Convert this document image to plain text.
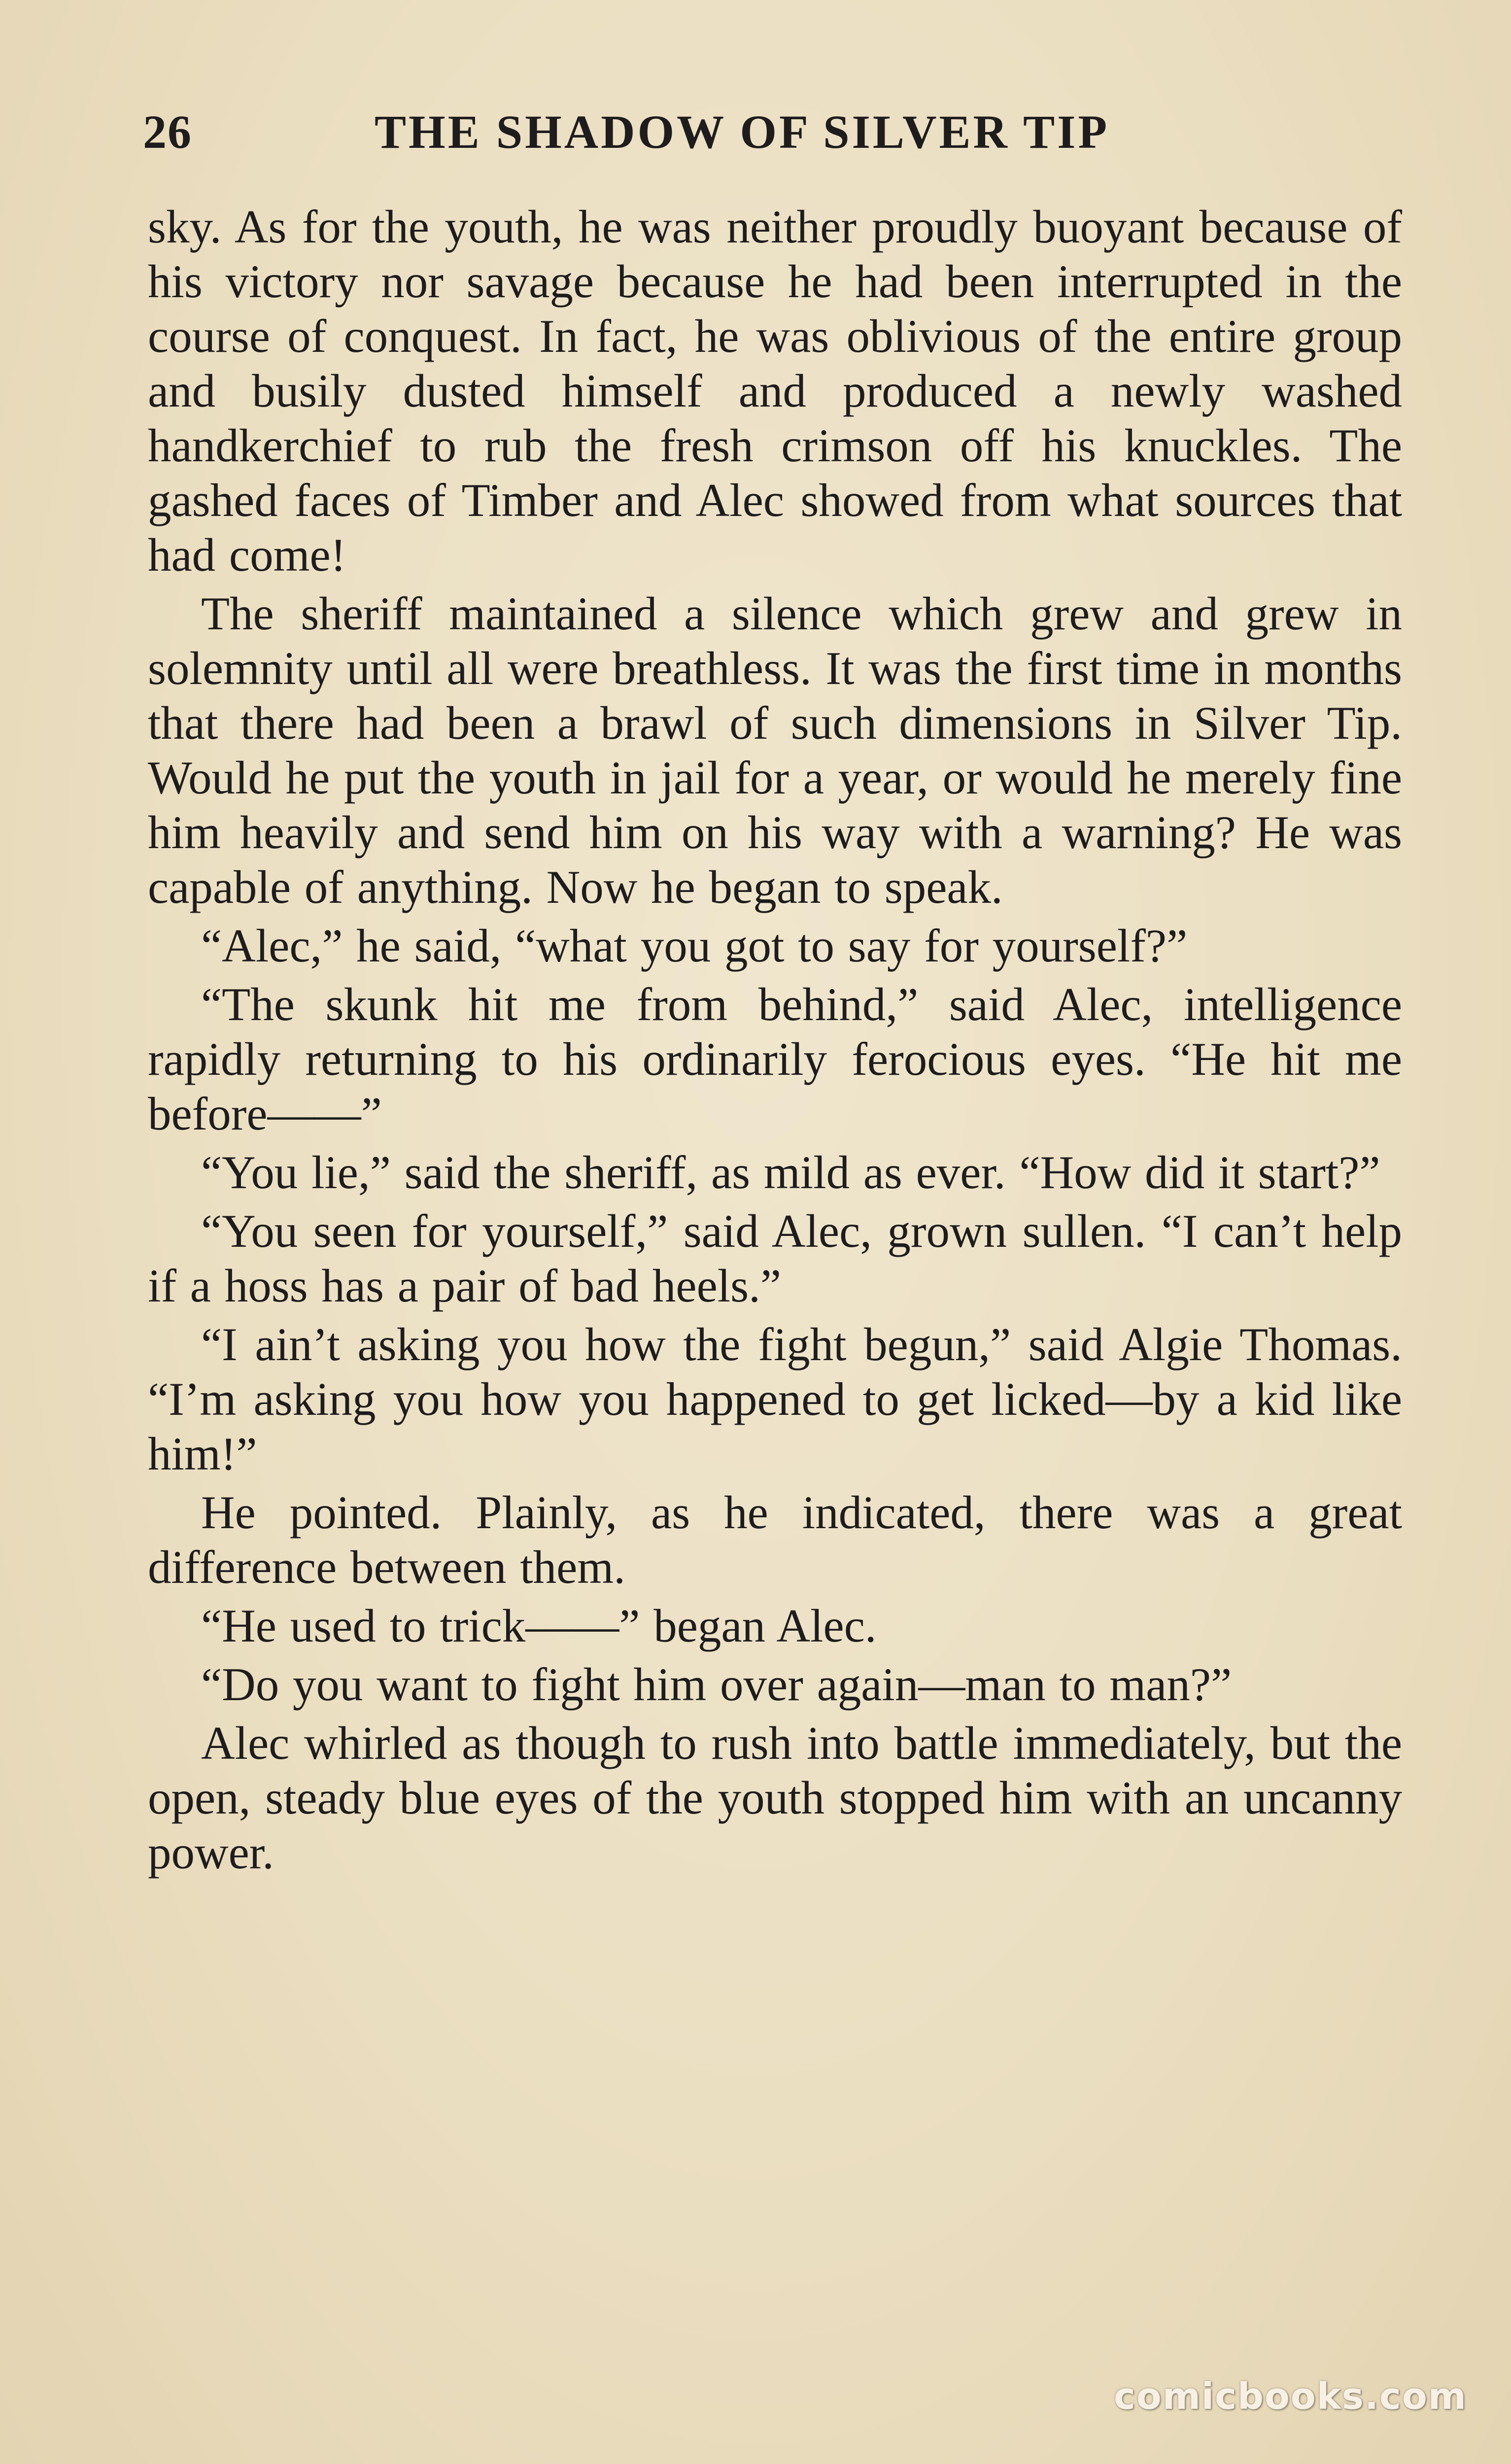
26	THE SHADOW OF SILVER TIP

sky. As for the youth, he was neither proudly buoyant because of his victory nor savage because he had been interrupted in the course of conquest. In fact, he was oblivious of the entire group and busily dusted himself and produced a newly washed handkerchief to rub the fresh crimson off his knuckles. The gashed faces of Timber and Alec showed from what sources that had come!

The sheriff maintained a silence which grew and grew in solemnity until all were breathless. It was the first time in months that there had been a brawl of such dimensions in Silver Tip. Would he put the youth in jail for a year, or would he merely fine him heavily and send him on his way with a warning? He was capable of anything. Now he began to speak.

“Alec,” he said, “what you got to say for yourself?”

“The skunk hit me from behind,” said Alec, intelligence rapidly returning to his ordinarily ferocious eyes. “He hit me before——”

“You lie,” said the sheriff, as mild as ever. “How did it start?”

“You seen for yourself,” said Alec, grown sullen. “I can’t help if a hoss has a pair of bad heels.”

“I ain’t asking you how the fight begun,” said Algie Thomas. “I’m asking you how you happened to get licked—by a kid like him!”

He pointed. Plainly, as he indicated, there was a great difference between them.

“He used to trick——” began Alec.

“Do you want to fight him over again—man to man?”

Alec whirled as though to rush into battle immediately, but the open, steady blue eyes of the youth stopped him with an uncanny power.

comicbooks.com
